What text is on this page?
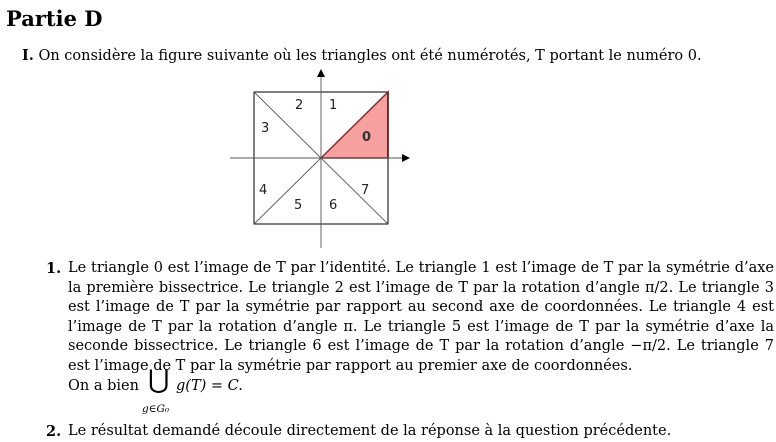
Partie D
I. On considère la figure suivante où les triangles ont été numérotés, T portant le numéro 0.
0
1
2
3
4
5 6
7
1. Le triangle 0 est l’image de T par l’identité. Le triangle 1 est l’image de T par la symétrie d’axe la première bissectrice. Le triangle 2 est l’image de T par la rotation d’angle π/2. Le triangle 3 est l’image de T par la symétrie par rapport au second axe de coordonnées. Le triangle 4 est l’image de T par la rotation d’angle π. Le triangle 5 est l’image de T par la symétrie d’axe la seconde bissectrice. Le triangle 6 est l’image de T par la rotation d’angle −π/2. Le triangle 7 est l’image de T par la symétrie par rapport au premier axe de coordonnées.

On a bien ⋃
g∈G₀
g(T) = C.
2. Le résultat demandé découle directement de la réponse à la question précédente.
